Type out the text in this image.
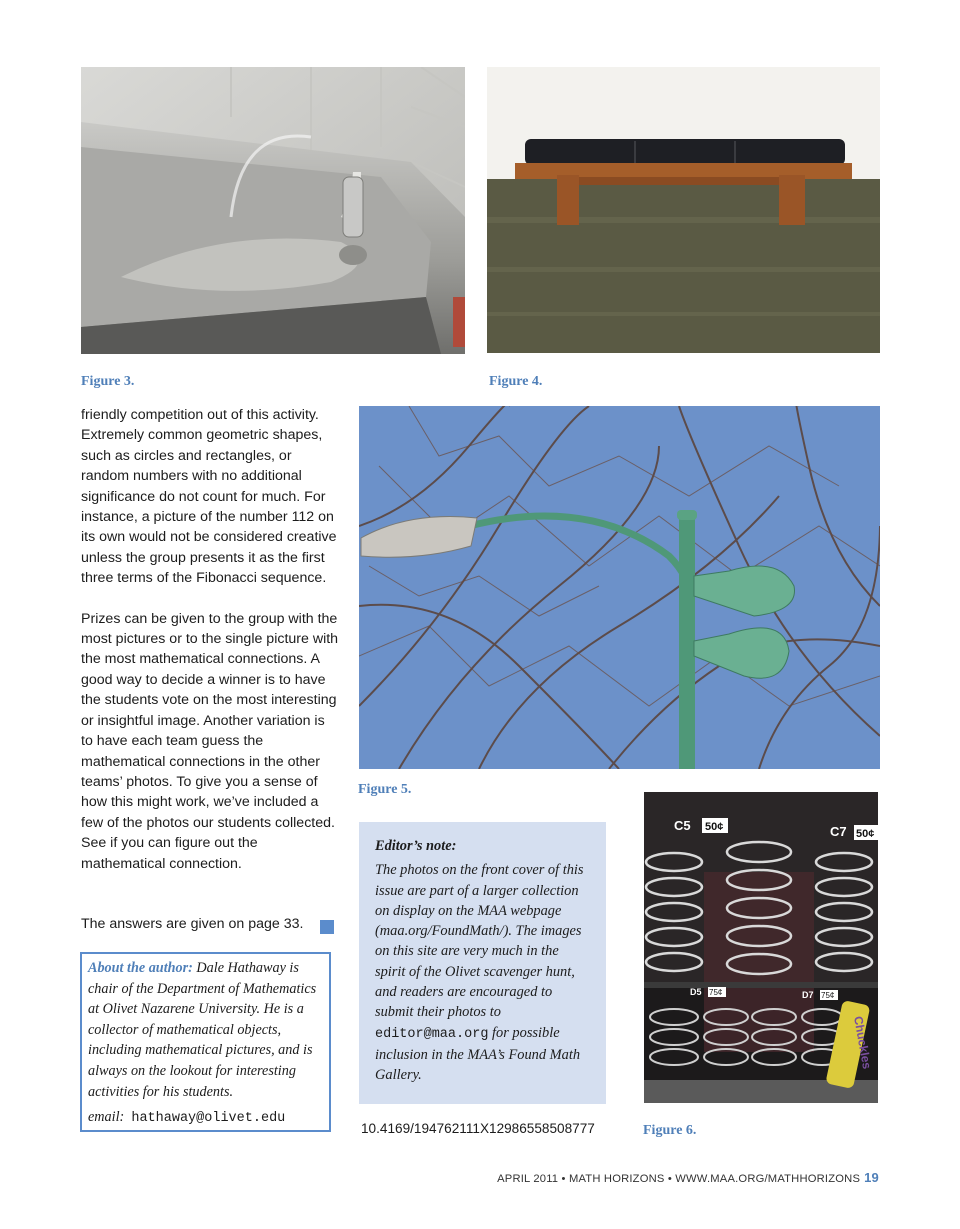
Figure 3.	Figure 4.

friendly competition out of this activity. Extremely common geometric shapes, such as circles and rectangles, or random numbers with no additional significance do not count for much. For instance, a picture of the number 112 on its own would not be considered creative unless the group presents it as the first three terms of the Fibonacci sequence.

Prizes can be given to the group with the most pictures or to the single picture with the most mathematical connections. A good way to decide a winner is to have the students vote on the most interesting or insightful image. Another variation is to have each team guess the mathematical connections in the other teams’ photos. To give you a sense of how this might work, we’ve included a few of the photos our students collected. See if you can figure out the mathematical connection.

The answers are given on page 33.
Figure 5.
C5 50¢	C7 50¢
D5 75¢	D7 75¢
Chuckles
Figure 6.
About the author: Dale Hathaway is chair of the Department of Mathematics at Olivet Nazarene University. He is a collector of mathematical objects, including mathematical pictures, and is always on the lookout for interesting activities for his students.
email: hathaway@olivet.edu
Editor’s note:
The photos on the front cover of this issue are part of a larger collection on display on the MAA webpage (maa.org/FoundMath/). The images on this site are very much in the spirit of the Olivet scavenger hunt, and readers are encouraged to submit their photos to editor@maa.org for possible inclusion in the MAA’s Found Math Gallery.
10.4169/194762111X12986558508777
APRIL 2011 • MATH HORIZONS • WWW.MAA.ORG/MATHHORIZONS 19
